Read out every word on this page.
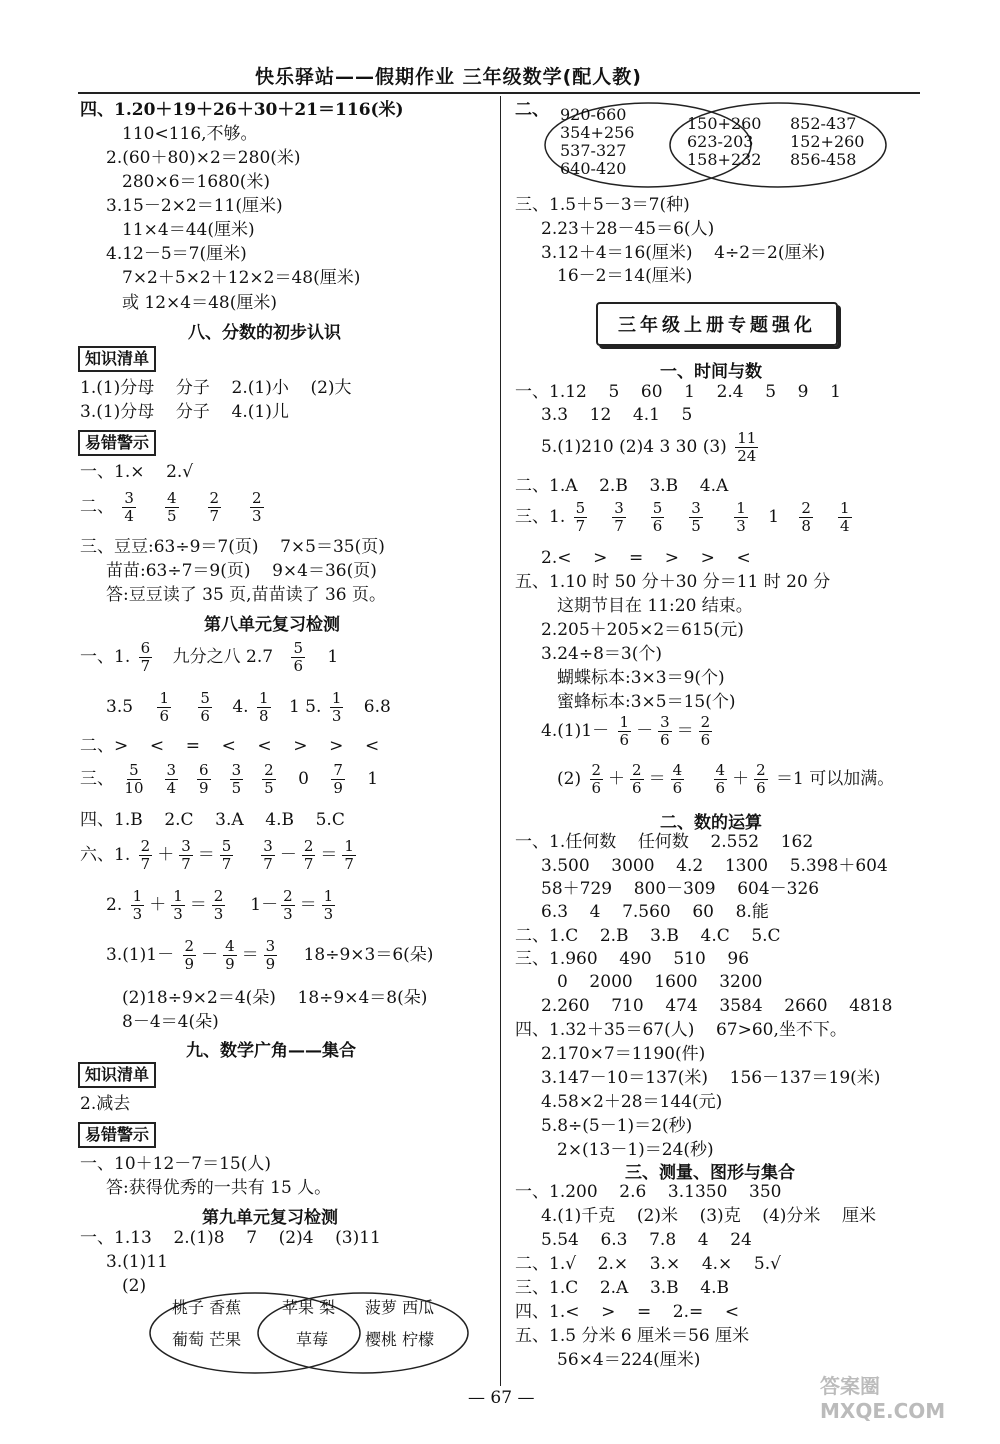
快乐驿站——假期作业 三年级数学(配人教)
四、1.20＋19＋26＋30＋21＝116(米)
110<116,不够。
2.(60＋80)×2＝280(米)
280×6＝1680(米)
3.15－2×2＝11(厘米)
11×4＝44(厘米)
4.12－5＝7(厘米)
7×2＋5×2＋12×2＝48(厘米)
或 12×4＝48(厘米)
八、分数的初步认识
知识清单
1.(1)分母    分子    2.(1)小    (2)大
3.(1)分母    分子    4.(1)儿
易错警示
一、1.×    2.√
二、 $\frac{3}{4} \frac{4}{5} \frac{2}{7} \frac{2}{3}$
三、豆豆:63÷9＝7(页)    7×5＝35(页)
苗苗:63÷7＝9(页)    9×4＝36(页)
答:豆豆读了 35 页,苗苗读了 36 页。
第八单元复习检测
一、1. $\frac{6}{7}$ 九分之八 $2.7 \frac{5}{6} 1$
$3.5 \frac{1}{6}$
$\frac{5}{6} 4$. $\frac{1}{8} 1$ 5. $\frac{1}{3} 6.8$
二、>    <    =    <    <    >    >    <
三、 $\frac{5}{10} \frac{3}{4} \frac{6}{9} \frac{3}{5} \frac{2}{5} 0 \frac{7}{9} 1$
四、1.B    2.C    3.A    4.B    5.C
六、1. $\frac{2}{7} + \frac{3}{7} = \frac{5}{7} \frac{3}{7} - \frac{2}{7} = \frac{1}{7}$
2. $\frac{1}{3} + \frac{1}{3} = \frac{2}{3} 1- \frac{2}{3} = \frac{1}{3}$
$3.(1)1- \frac{2}{9} - \frac{4}{9} = \frac{3}{9} 18\div 9\times 3=6$(朵)
(2)18÷9×2＝4(朵)    18÷9×4＝8(朵)
8－4＝4(朵)
九、数学广角——集合
知识清单
2.减去
易错警示
一、10＋12－7＝15(人)
答:获得优秀的一共有 15 人。
第九单元复习检测
一、1.13    2.(1)8    7    (2)4    (3)11
3.(1)11
(2)
桃子 香蕉
葡萄 芒果
苹果 梨
草莓
菠萝 西瓜
樱桃 柠檬
二、 920-660
354+256
537-327
640-420
150+260
623-203
158+232
852-437
152+260
856-458
三、1.5＋5－3＝7(种)
2.23＋28－45＝6(人)
3.12＋4＝16(厘米)    4÷2＝2(厘米)
16－2＝14(厘米)
三年级上册专题强化
一、时间与数
一、1.12    5    60    1    2.4    5    9    1
3.3    12    4.1    5
5.(1)210 (2)4 3 30 $(3) \frac{11}{24}$
二、1.A    2.B    3.B    4.A
三、1. $\frac{5}{7} \frac{3}{7} \frac{5}{6} \frac{3}{5}$
$\frac{1}{3} 1 \frac{2}{8} \frac{1}{4}$
2.<    >    =    >    >    <
五、1.10 时 50 分＋30 分＝11 时 20 分
这期节目在 11:20 结束。
2.205＋205×2＝615(元)
3.24÷8＝3(个)
蝴蝶标本:3×3＝9(个)
蜜蜂标本:3×5＝15(个)
$4.(1)1- \frac{1}{6} - \frac{3}{6} = \frac{2}{6}$
$(2) \frac{2}{6} + \frac{2}{6} = \frac{4}{6}$
$\frac{4}{6} + \frac{2}{6} =1$ 可以加满。
二、数的运算
一、1.任何数    任何数    2.552    162
3.500    3000    4.2    1300    5.398＋604
58＋729    800－309    604－326
6.3    4    7.560    60    8.能
二、1.C    2.B    3.B    4.C    5.C
三、1.960    490    510    96
0    2000    1600    3200
2.260    710    474    3584    2660    4818
四、1.32＋35＝67(人)    67>60,坐不下。
2.170×7＝1190(件)
3.147－10＝137(米)    156－137＝19(米)
4.58×2＋28＝144(元)
5.8÷(5－1)＝2(秒)
2×(13－1)＝24(秒)
三、测量、图形与集合
一、1.200    2.6    3.1350    350
4.(1)千克    (2)米    (3)克    (4)分米    厘米
5.54    6.3    7.8    4    24
二、1.√    2.×    3.×    4.×    5.√
三、1.C    2.A    3.B    4.B
四、1.<    >    =    2.=    <
五、1.5 分米 6 厘米＝56 厘米
56×4＝224(厘米)
— 67 —	答案圈 MXQE.COM
